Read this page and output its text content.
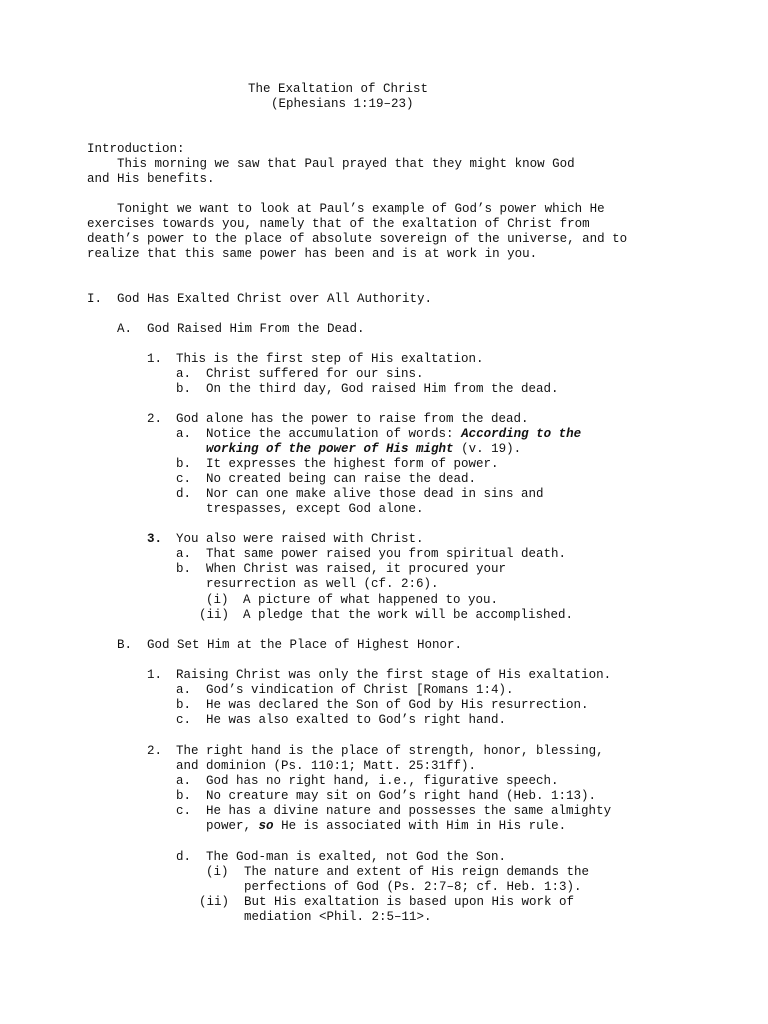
The Exaltation of Christ
(Ephesians 1:19–23)
Introduction:
This morning we saw that Paul prayed that they might know God
and His benefits.
Tonight we want to look at Paul’s example of God’s power which He
exercises towards you, namely that of the exaltation of Christ from
death’s power to the place of absolute sovereign of the universe, and to
realize that this same power has been and is at work in you.
I. God Has Exalted Christ over All Authority.
A. God Raised Him From the Dead.
1. This is the first step of His exaltation.
a. Christ suffered for our sins.
b. On the third day, God raised Him from the dead.
2. God alone has the power to raise from the dead.
a. Notice the accumulation of words: According to the
working of the power of His might (v. 19).
b. It expresses the highest form of power.
c. No created being can raise the dead.
d. Nor can one make alive those dead in sins and
trespasses, except God alone.
3. You also were raised with Christ.
a. That same power raised you from spiritual death.
b. When Christ was raised, it procured your
resurrection as well (cf. 2:6).
(i) A picture of what happened to you.
(ii) A pledge that the work will be accomplished.
B. God Set Him at the Place of Highest Honor.
1. Raising Christ was only the first stage of His exaltation.
a. God’s vindication of Christ [Romans 1:4).
b. He was declared the Son of God by His resurrection.
c. He was also exalted to God’s right hand.
2. The right hand is the place of strength, honor, blessing,
and dominion (Ps. 110:1; Matt. 25:31ff).
a. God has no right hand, i.e., figurative speech.
b. No creature may sit on God’s right hand (Heb. 1:13).
c. He has a divine nature and possesses the same almighty
power, so He is associated with Him in His rule.
d. The God-man is exalted, not God the Son.
(i) The nature and extent of His reign demands the
perfections of God (Ps. 2:7–8; cf. Heb. 1:3).
(ii) But His exaltation is based upon His work of
mediation <Phil. 2:5–11>.
